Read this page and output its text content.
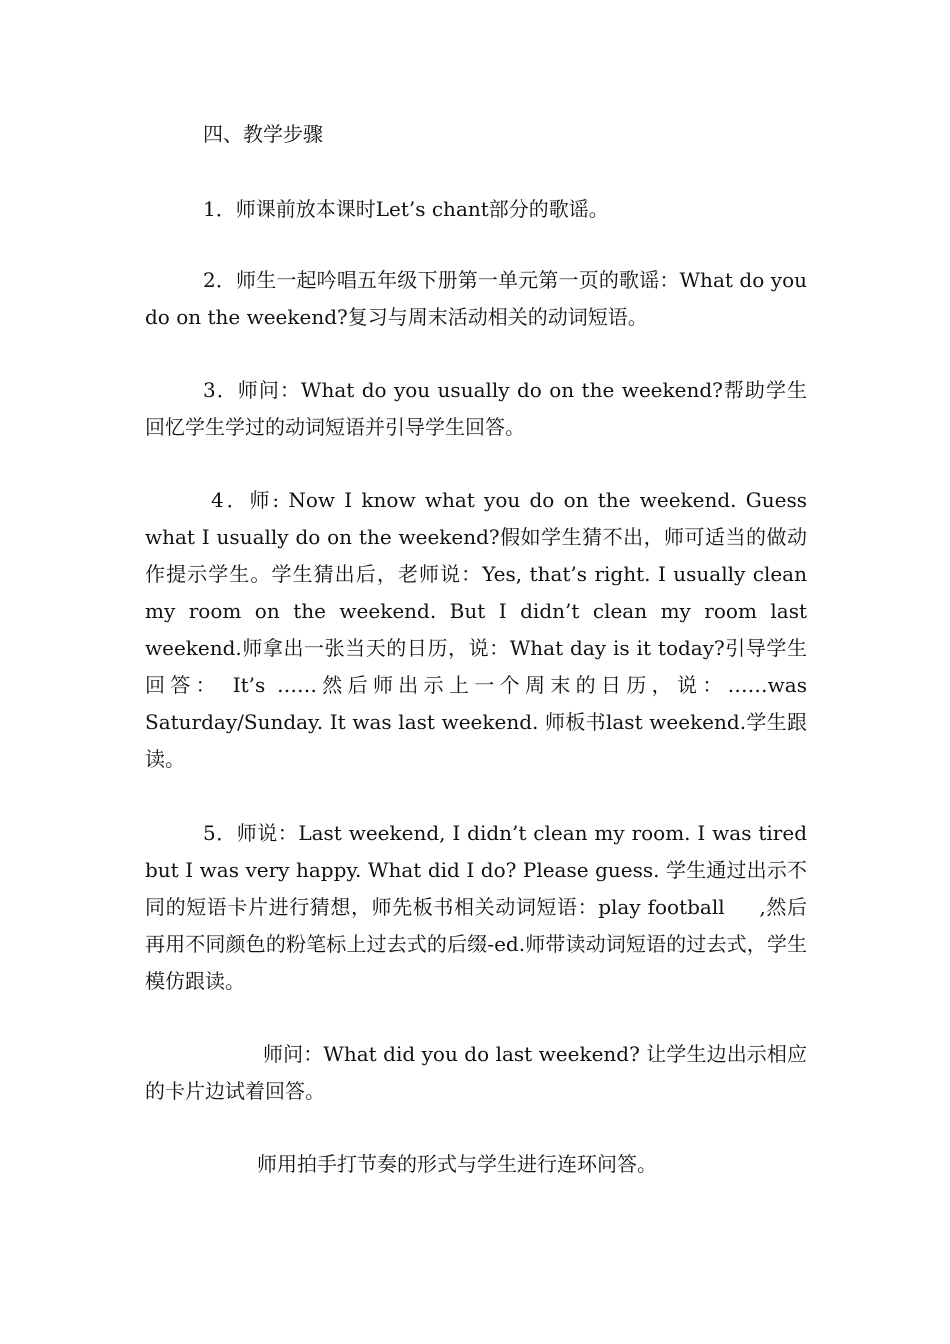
四、教学步骤

1．师课前放本课时Let’s chant部分的歌谣。

2．师生一起吟唱五年级下册第一单元第一页的歌谣：What do you do on the weekend?复习与周末活动相关的动词短语。

3．师问：What do you usually do on the weekend?帮助学生回忆学生学过的动词短语并引导学生回答。

4．师: Now I know what you do on the weekend. Guess what I usually do on the weekend?假如学生猜不出，师可适当的做动作提示学生。学生猜出后，老师说：Yes, that’s right. I usually clean my room on the weekend. But I didn’t clean my room last weekend.师拿出一张当天的日历，说：What day is it today?引导学生回答： It’s ……然后师出示上一个周末的日历，说：……was Saturday/Sunday. It was last weekend. 师板书last weekend.学生跟读。

5．师说：Last weekend, I didn’t clean my room. I was tired but I was very happy. What did I do? Please guess. 学生通过出示不同的短语卡片进行猜想，师先板书相关动词短语：play football     ,然后再用不同颜色的粉笔标上过去式的后缀-ed.师带读动词短语的过去式，学生模仿跟读。

师问：What did you do last weekend? 让学生边出示相应的卡片边试着回答。

师用拍手打节奏的形式与学生进行连环问答。
